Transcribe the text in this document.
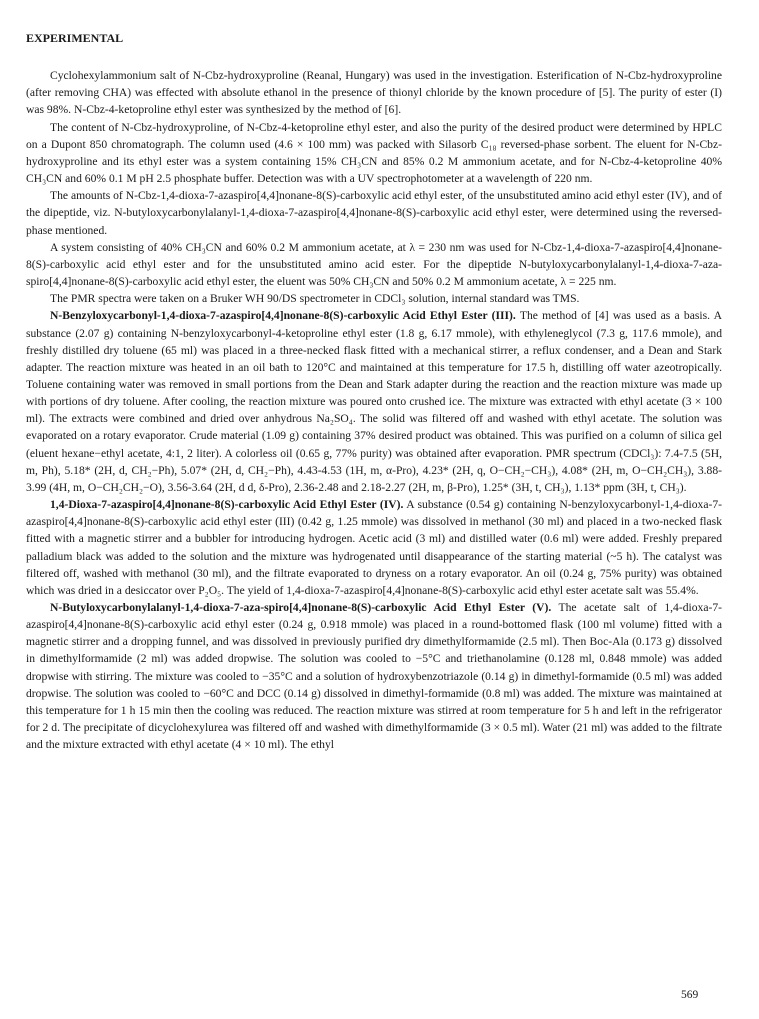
EXPERIMENTAL

Cyclohexylammonium salt of N-Cbz-hydroxyproline (Reanal, Hungary) was used in the investigation. Esterification of N-Cbz-hydroxyproline (after removing CHA) was effected with absolute ethanol in the presence of thionyl chloride by the known procedure of [5]. The purity of ester (I) was 98%. N-Cbz-4-ketoproline ethyl ester was synthesized by the method of [6].

The content of N-Cbz-hydroxyproline, of N-Cbz-4-ketoproline ethyl ester, and also the purity of the desired product were determined by HPLC on a Dupont 850 chromatograph. The column used (4.6 × 100 mm) was packed with Silasorb C₁₈ reversed-phase sorbent. The eluent for N-Cbz-hydroxyproline and its ethyl ester was a system containing 15% CH₃CN and 85% 0.2 M ammonium acetate, and for N-Cbz-4-ketoproline 40% CH₃CN and 60% 0.1 M pH 2.5 phosphate buffer. Detection was with a UV spectrophotometer at a wavelength of 220 nm.

The amounts of N-Cbz-1,4-dioxa-7-azaspiro[4,4]nonane-8(S)-carboxylic acid ethyl ester, of the unsubstituted amino acid ethyl ester (IV), and of the dipeptide, viz. N-butyloxycarbonylalanyl-1,4-dioxa-7-azaspiro[4,4]nonane-8(S)-carboxylic acid ethyl ester, were determined using the reversed-phase mentioned.

A system consisting of 40% CH₃CN and 60% 0.2 M ammonium acetate, at λ = 230 nm was used for N-Cbz-1,4-dioxa-7-azaspiro[4,4]nonane-8(S)-carboxylic acid ethyl ester and for the unsubstituted amino acid ester. For the dipeptide N-butyloxycarbonylalanyl-1,4-dioxa-7-aza-spiro[4,4]nonane-8(S)-carboxylic acid ethyl ester, the eluent was 50% CH₃CN and 50% 0.2 M ammonium acetate, λ = 225 nm.

The PMR spectra were taken on a Bruker WH 90/DS spectrometer in CDCl₃ solution, internal standard was TMS.

N-Benzyloxycarbonyl-1,4-dioxa-7-azaspiro[4,4]nonane-8(S)-carboxylic Acid Ethyl Ester (III). The method of [4] was used as a basis. A substance (2.07 g) containing N-benzyloxycarbonyl-4-ketoproline ethyl ester (1.8 g, 6.17 mmole), with ethyleneglycol (7.3 g, 117.6 mmole), and freshly distilled dry toluene (65 ml) was placed in a three-necked flask fitted with a mechanical stirrer, a reflux condenser, and a Dean and Stark adapter. The reaction mixture was heated in an oil bath to 120°C and maintained at this temperature for 17.5 h, distilling off water azeotropically. Toluene containing water was removed in small portions from the Dean and Stark adapter during the reaction and the reaction mixture was made up with portions of dry toluene. After cooling, the reaction mixture was poured onto crushed ice. The mixture was extracted with ethyl acetate (3 × 100 ml). The extracts were combined and dried over anhydrous Na₂SO₄. The solid was filtered off and washed with ethyl acetate. The solution was evaporated on a rotary evaporator. Crude material (1.09 g) containing 37% desired product was obtained. This was purified on a column of silica gel (eluent hexane−ethyl acetate, 4:1, 2 liter). A colorless oil (0.65 g, 77% purity) was obtained after evaporation. PMR spectrum (CDCl₃): 7.4-7.5 (5H, m, Ph), 5.18* (2H, d, CH₂−Ph), 5.07* (2H, d, CH₂−Ph), 4.43-4.53 (1H, m, α-Pro), 4.23* (2H, q, O−CH₂−CH₃), 4.08* (2H, m, O−CH₂CH₃), 3.88-3.99 (4H, m, O−CH₂CH₂−O), 3.56-3.64 (2H, d d, δ-Pro), 2.36-2.48 and 2.18-2.27 (2H, m, β-Pro), 1.25* (3H, t, CH₃), 1.13* ppm (3H, t, CH₃).

1,4-Dioxa-7-azaspiro[4,4]nonane-8(S)-carboxylic Acid Ethyl Ester (IV). A substance (0.54 g) containing N-benzyloxycarbonyl-1,4-dioxa-7-azaspiro[4,4]nonane-8(S)-carboxylic acid ethyl ester (III) (0.42 g, 1.25 mmole) was dissolved in methanol (30 ml) and placed in a two-necked flask fitted with a magnetic stirrer and a bubbler for introducing hydrogen. Acetic acid (3 ml) and distilled water (0.6 ml) were added. Freshly prepared palladium black was added to the solution and the mixture was hydrogenated until disappearance of the starting material (~5 h). The catalyst was filtered off, washed with methanol (30 ml), and the filtrate evaporated to dryness on a rotary evaporator. An oil (0.24 g, 75% purity) was obtained which was dried in a desiccator over P₂O₅. The yield of 1,4-dioxa-7-azaspiro[4,4]nonane-8(S)-carboxylic acid ethyl ester acetate salt was 55.4%.

N-Butyloxycarbonylalanyl-1,4-dioxa-7-aza-spiro[4,4]nonane-8(S)-carboxylic Acid Ethyl Ester (V). The acetate salt of 1,4-dioxa-7-azaspiro[4,4]nonane-8(S)-carboxylic acid ethyl ester (0.24 g, 0.918 mmole) was placed in a round-bottomed flask (100 ml volume) fitted with a magnetic stirrer and a dropping funnel, and was dissolved in previously purified dry dimethylformamide (2.5 ml). Then Boc-Ala (0.173 g) dissolved in dimethylformamide (2 ml) was added dropwise. The solution was cooled to −5°C and triethanolamine (0.128 ml, 0.848 mmole) was added dropwise with stirring. The mixture was cooled to −35°C and a solution of hydroxybenzotriazole (0.14 g) in dimethyl-formamide (0.5 ml) was added dropwise. The solution was cooled to −60°C and DCC (0.14 g) dissolved in dimethyl-formamide (0.8 ml) was added. The mixture was maintained at this temperature for 1 h 15 min then the cooling was reduced. The reaction mixture was stirred at room temperature for 5 h and left in the refrigerator for 2 d. The precipitate of dicyclohexylurea was filtered off and washed with dimethylformamide (3 × 0.5 ml). Water (21 ml) was added to the filtrate and the mixture extracted with ethyl acetate (4 × 10 ml). The ethyl

569
